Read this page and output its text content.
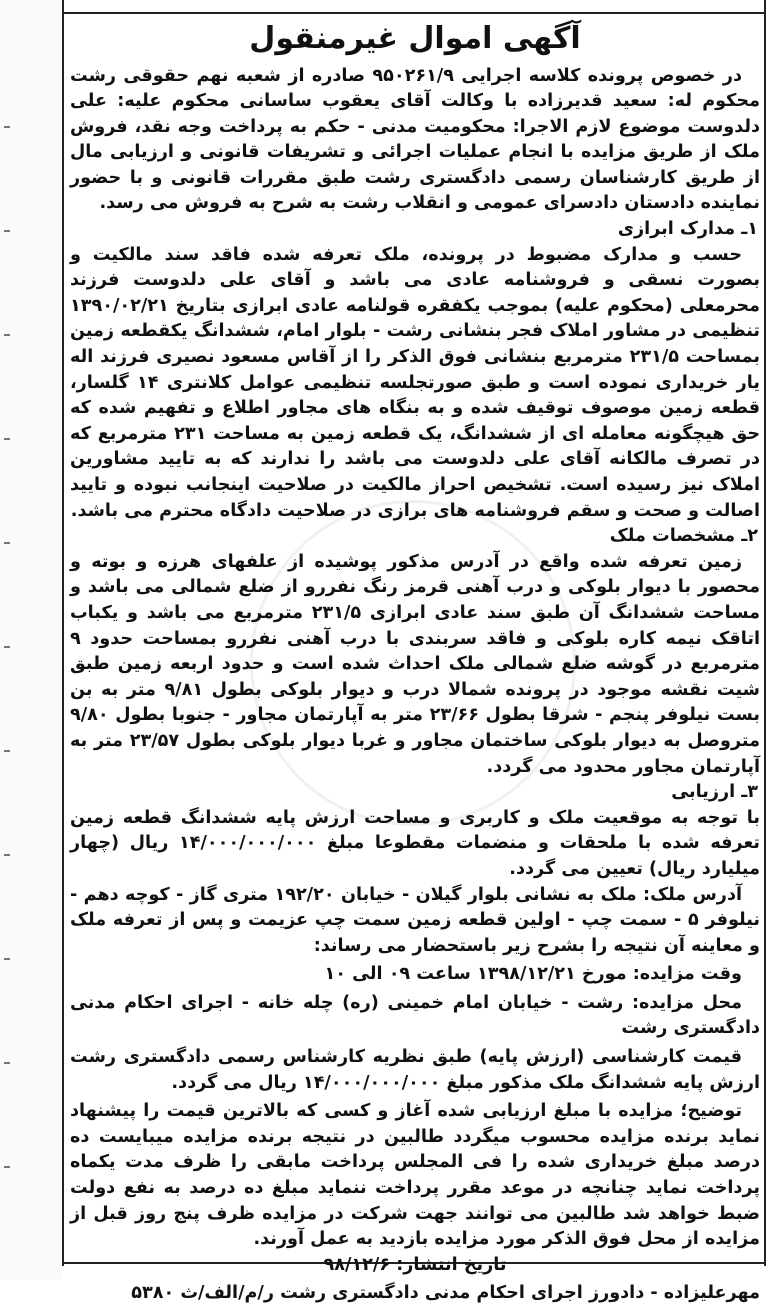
آگهی اموال غیرمنقول

در خصوص پرونده کلاسه اجرایی ۹۵۰۲۶۱/۹ صادره از شعبه نهم حقوقی رشت محکوم له: سعید قدیرزاده با وکالت آقای یعقوب ساسانی محکوم علیه: علی دلدوست موضوع لازم الاجرا: محکومیت مدنی - حکم به پرداخت وجه نقد، فروش ملک از طریق مزایده با انجام عملیات اجرائی و تشریفات قانونی و ارزیابی مال از طریق کارشناسان رسمی دادگستری رشت طبق مقررات قانونی و با حضور نماینده دادستان دادسرای عمومی و انقلاب رشت به شرح به فروش می رسد.

۱ـ مدارک ابرازی

حسب و مدارک مضبوط در پرونده، ملک تعرفه شده فاقد سند مالکیت و بصورت نسقی و فروشنامه عادی می باشد و آقای علی دلدوست فرزند محرمعلی (محکوم علیه) بموجب یکفقره قولنامه عادی ابرازی بتاریخ ۱۳۹۰/۰۲/۲۱ تنظیمی در مشاور املاک فجر بنشانی رشت - بلوار امام، ششدانگ یکقطعه زمین بمساحت ۲۳۱/۵ مترمربع بنشانی فوق الذکر را از آقاس مسعود نصیری فرزند اله یار خریداری نموده است و طبق صورتجلسه تنظیمی عوامل کلانتری ۱۴ گلسار، قطعه زمین موصوف توقیف شده و به بنگاه های مجاور اطلاع و تفهیم شده که حق هیچگونه معامله ای از ششدانگ، یک قطعه زمین به مساحت ۲۳۱ مترمربع که در تصرف مالکانه آقای علی دلدوست می باشد را ندارند که به تایید مشاورین املاک نیز رسیده است. تشخیص احراز مالکیت در صلاحیت اینجانب نبوده و تایید اصالت و صحت و سقم فروشنامه های برازی در صلاحیت دادگاه محترم می باشد.

۲ـ مشخصات ملک

زمین تعرفه شده واقع در آدرس مذکور پوشیده از علفهای هرزه و بوته و محصور با دیوار بلوکی و درب آهنی قرمز رنگ نفررو از ضلع شمالی می باشد و مساحت ششدانگ آن طبق سند عادی ابرازی ۲۳۱/۵ مترمربع می باشد و یکباب اتاقک نیمه کاره بلوکی و فاقد سربندی با درب آهنی نفررو بمساحت حدود ۹ مترمربع در گوشه ضلع شمالی ملک احداث شده است و حدود اربعه زمین طبق شیت نقشه موجود در پرونده شمالا درب و دیوار بلوکی بطول ۹/۸۱ متر به بن بست نیلوفر پنجم - شرقا بطول ۲۳/۶۶ متر به آپارتمان مجاور - جنوبا بطول ۹/۸۰ متروصل به دیوار بلوکی ساختمان مجاور و غربا دیوار بلوکی بطول ۲۳/۵۷ متر به آپارتمان مجاور محدود می گردد.

۳ـ ارزیابی

با توجه به موقعیت ملک و کاربری و مساحت ارزش پایه ششدانگ قطعه زمین تعرفه شده با ملحقات و منضمات مقطوعا مبلغ ۱۴/۰۰۰/۰۰۰/۰۰۰ ریال (چهار میلیارد ریال) تعیین می گردد.

آدرس ملک: ملک به نشانی بلوار گیلان - خیابان ۱۹۲/۲۰ متری گاز - کوچه دهم - نیلوفر ۵ - سمت چپ - اولین قطعه زمین سمت چپ عزیمت و پس از تعرفه ملک و معاینه آن نتیجه را بشرح زیر باستحضار می رساند:

وقت مزایده: مورخ ۱۳۹۸/۱۲/۲۱ ساعت ۰۹ الی ۱۰

محل مزایده: رشت - خیابان امام خمینی (ره) چله خانه - اجرای احکام مدنی دادگستری رشت

قیمت کارشناسی (ارزش پایه) طبق نظریه کارشناس رسمی دادگستری رشت ارزش پایه ششدانگ ملک مذکور مبلغ ۱۴/۰۰۰/۰۰۰/۰۰۰ ریال می گردد.

توضیح؛ مزایده با مبلغ ارزیابی شده آغاز و کسی که بالاترین قیمت را پیشنهاد نماید برنده مزایده محسوب میگردد طالبین در نتیجه برنده مزایده میبایست ده درصد مبلغ خریداری شده را فی المجلس پرداخت مابقی را ظرف مدت یکماه پرداخت نماید چنانچه در موعد مقرر پرداخت ننماید مبلغ ده درصد به نفع دولت ضبط خواهد شد طالبین می توانند جهت شرکت در مزایده ظرف پنج روز قبل از مزایده از محل فوق الذکر مورد مزایده بازدید به عمل آورند.

تاریخ انتشار: ۹۸/۱۲/۶

مهرعلیزاده - دادورز اجرای احکام مدنی دادگستری رشت ر/م/الف/ث ۵۳۸۰
